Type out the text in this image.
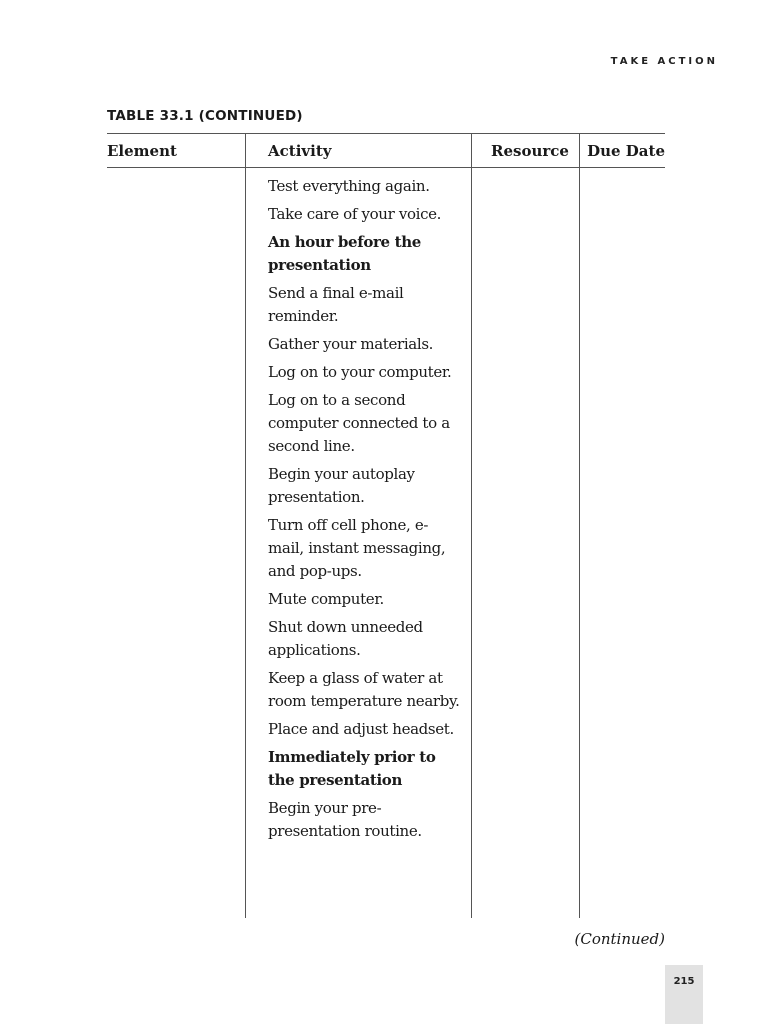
TAKE ACTION
TABLE 33.1 (CONTINUED)
Element	Activity	Resource Due Date
Test everything again.
Take care of your voice.
An hour before the presentation
Send a final e-mail reminder.
Gather your materials.
Log on to your computer.
Log on to a second computer connected to a second line.
Begin your autoplay presentation.
Turn off cell phone, e-mail, instant messaging, and pop-ups.
Mute computer.
Shut down unneeded applications.
Keep a glass of water at room temperature nearby.
Place and adjust headset.
Immediately prior to the presentation
Begin your pre-presentation routine.
(Continued)
215
